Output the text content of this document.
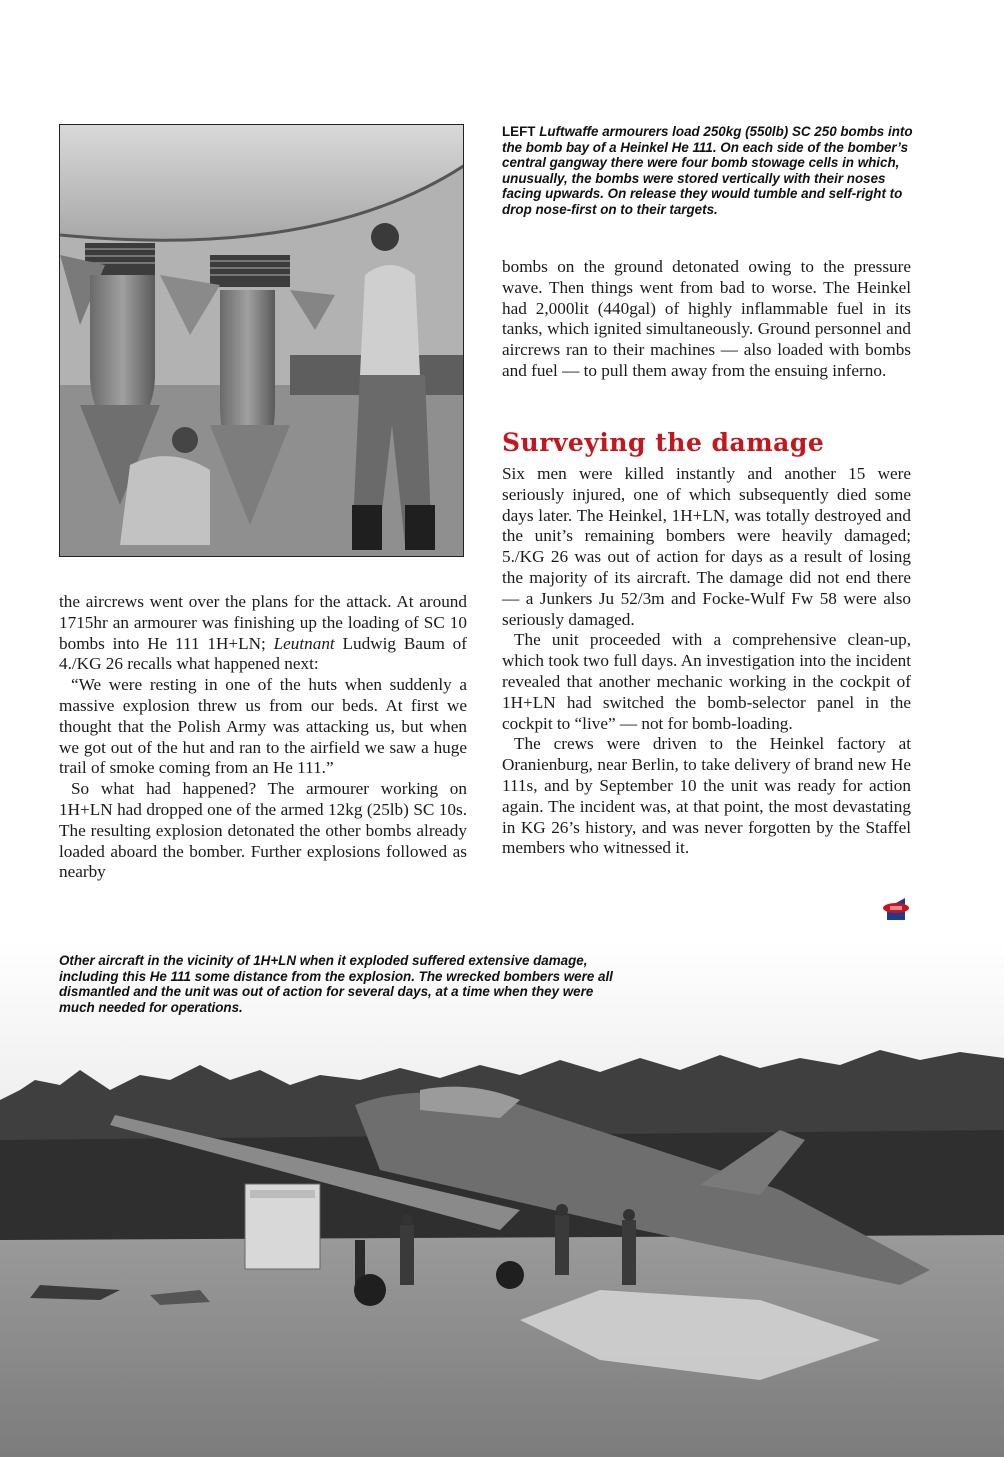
LEFT Luftwaffe armourers load 250kg (550lb) SC 250 bombs into the bomb bay of a Heinkel He 111. On each side of the bomber’s central gangway there were four bomb stowage cells in which, unusually, the bombs were stored vertically with their noses facing upwards. On release they would tumble and self-right to drop nose-first on to their targets.

bombs on the ground detonated owing to the pressure wave. Then things went from bad to worse. The Heinkel had 2,000lit (440gal) of highly inflammable fuel in its tanks, which ignited simultaneously. Ground personnel and aircrews ran to their machines — also loaded with bombs and fuel — to pull them away from the ensuing inferno.

Surveying the damage

Six men were killed instantly and another 15 were seriously injured, one of which subsequently died some days later. The Heinkel, 1H+LN, was totally destroyed and the unit’s remaining bombers were heavily damaged; 5./KG 26 was out of action for days as a result of losing the majority of its aircraft. The damage did not end there — a Junkers Ju 52/3m and Focke-Wulf Fw 58 were also seriously damaged.

The unit proceeded with a comprehensive clean-up, which took two full days. An investigation into the incident revealed that another mechanic working in the cockpit of 1H+LN had switched the bomb-selector panel in the cockpit to “live” — not for bomb-loading.

The crews were driven to the Heinkel factory at Oranienburg, near Berlin, to take delivery of brand new He 111s, and by September 10 the unit was ready for action again. The incident was, at that point, the most devastating in KG 26’s history, and was never forgotten by the Staffel members who witnessed it.

the aircrews went over the plans for the attack. At around 1715hr an armourer was finishing up the loading of SC 10 bombs into He 111 1H+LN; Leutnant Ludwig Baum of 4./KG 26 recalls what happened next:

“We were resting in one of the huts when suddenly a massive explosion threw us from our beds. At first we thought that the Polish Army was attacking us, but when we got out of the hut and ran to the airfield we saw a huge trail of smoke coming from an He 111.”

So what had happened? The armourer working on 1H+LN had dropped one of the armed 12kg (25lb) SC 10s. The resulting explosion detonated the other bombs already loaded aboard the bomber. Further explosions followed as nearby

Other aircraft in the vicinity of 1H+LN when it exploded suffered extensive damage, including this He 111 some distance from the explosion. The wrecked bombers were all dismantled and the unit was out of action for several days, at a time when they were much needed for operations.
